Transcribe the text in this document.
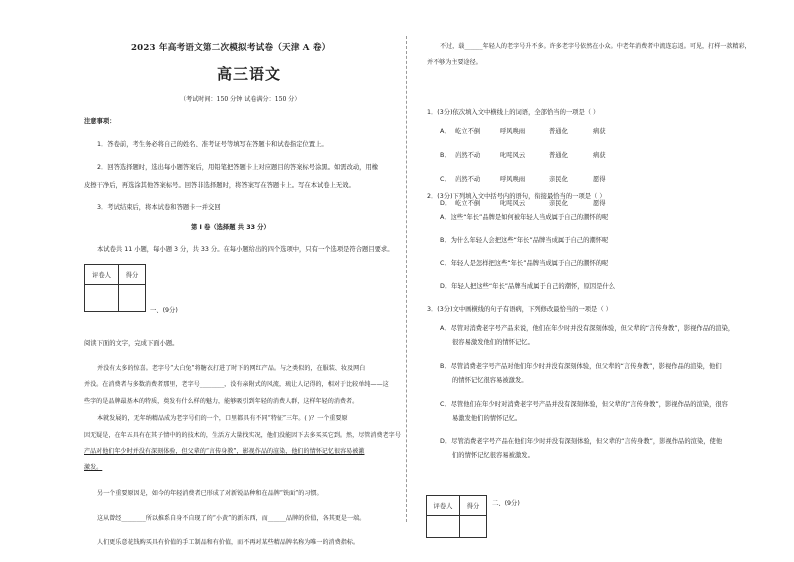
2023 年高考语文第二次模拟考试卷（天津 A 卷）
高三语文
（考试时间：150 分钟 试卷满分：150 分）
注意事项：
1．答卷前，考生务必将自己的姓名、准考证号等填写在答题卡和试卷指定位置上。
2．回答选择题时，选出每小题答案后，用铅笔把答题卡上对应题目的答案标号涂黑。如需改动，用橡
皮擦干净后，再选涂其他答案标号。回答非选择题时，将答案写在答题卡上。写在本试卷上无效。
3．考试结束后，将本试卷和答题卡一并交回
第 I 卷（选择题 共 33 分）
本试卷共 11 小题，每小题 3 分，共 33 分。在每小题给出的四个选项中，只有一个选项是符合题目要求。
评卷人	得分

一、(9分)
阅读下面的文字，完成下面小题。
并没有太多的惊喜。老字号“大白兔”将糖衣打进了时下的网红产品。与之类似的，在服装、妆及网白
并没。在消费者与多数消费者那里，老字号________，没有亲附式的风流，琉让人记得的，相对于比较单纯——这
些字的是品牌最基本的特质，奠发有什么样的魅力，能够吸引到年轻的消费人群，这样年轻的消费者。
本就发展的，无年纳精品成为老字号们的一个，口里都具有不同“特征”三年。( )？一个重要原
因无疑是，在年五具有在其子情中的的技术的，生活方大量找实况，他们没能因下去多买买它到。然，尽管消费老字号
产品对他们年少时并没有深刻体验，但父辈的“言传身教”，影视作品的渲染，他们的情怀记忆很容易被激
激发。
另一个重要原因是，如今的年轻消费者已形成了对新锐品种和在品牌“铁面”的习惯。
这从曾经________所以推系自身不自现了的“小黄”的新东西，而______品牌的价值，各其更是一端。
人们更乐意花钱购买具有价值的手工制品和有价值，而不再对某些精品牌名称为唯一的消费指标。
不过，载______年轻人的老字号升不多。许多老字号依然在小众。中老年消费者中流连忘返。可见，打样一款精彩，
并不够为主要途径。
1．(3分)依次填入文中横线上的词语，全部恰当的一项是（ ）
A． 屹立不倒	呼风唤雨	普通化	病获
B． 岿然不动	叱咤风云	普通化	病获
C． 岿然不动	呼风唤雨	亲民化	愿得
D． 屹立不倒	叱咤风云	亲民化	愿得
2．(3分)下列填入文中括号内的语句，衔接最恰当的一项是（ ）
A．这些“年长”品牌是如何被年轻人当成属于自己的潮怀的呢
B．为什么年轻人会把这些“年长”品牌当成属于自己的潮怀呢
C．年轻人是怎样把这些“年长”品牌当成属于自己的潮怀的呢
D．年轻人把这些“年长”品牌当成属于自己的潮怀，原因是什么
3．(3分)文中画横线的句子有语病，下列修改最恰当的一项是（ ）
A．尽管对消费老字号产品来说，他们在年少时并没有深刻体验，但父辈的“言传身教”，影视作品的渲染，
很容易激发他们的情怀记忆。
B．尽管消费老字号产品对他们年少时并没有深刻体验，但父辈的“言传身教”，影视作品的渲染，他们
的情怀记忆很容易被激发。
C．尽管他们在年少时对消费老字号产品并没有深刻体验，但父辈的“言传身教”，影视作品的渲染，很容
易激发他们的情怀记忆。
D．尽管消费老字号产品在他们年少时并没有深刻体验，但父辈的“言传身教”，影视作品的渲染，使他
们的情怀记忆很容易被激发。
评卷人	得分
	二、(9分)
